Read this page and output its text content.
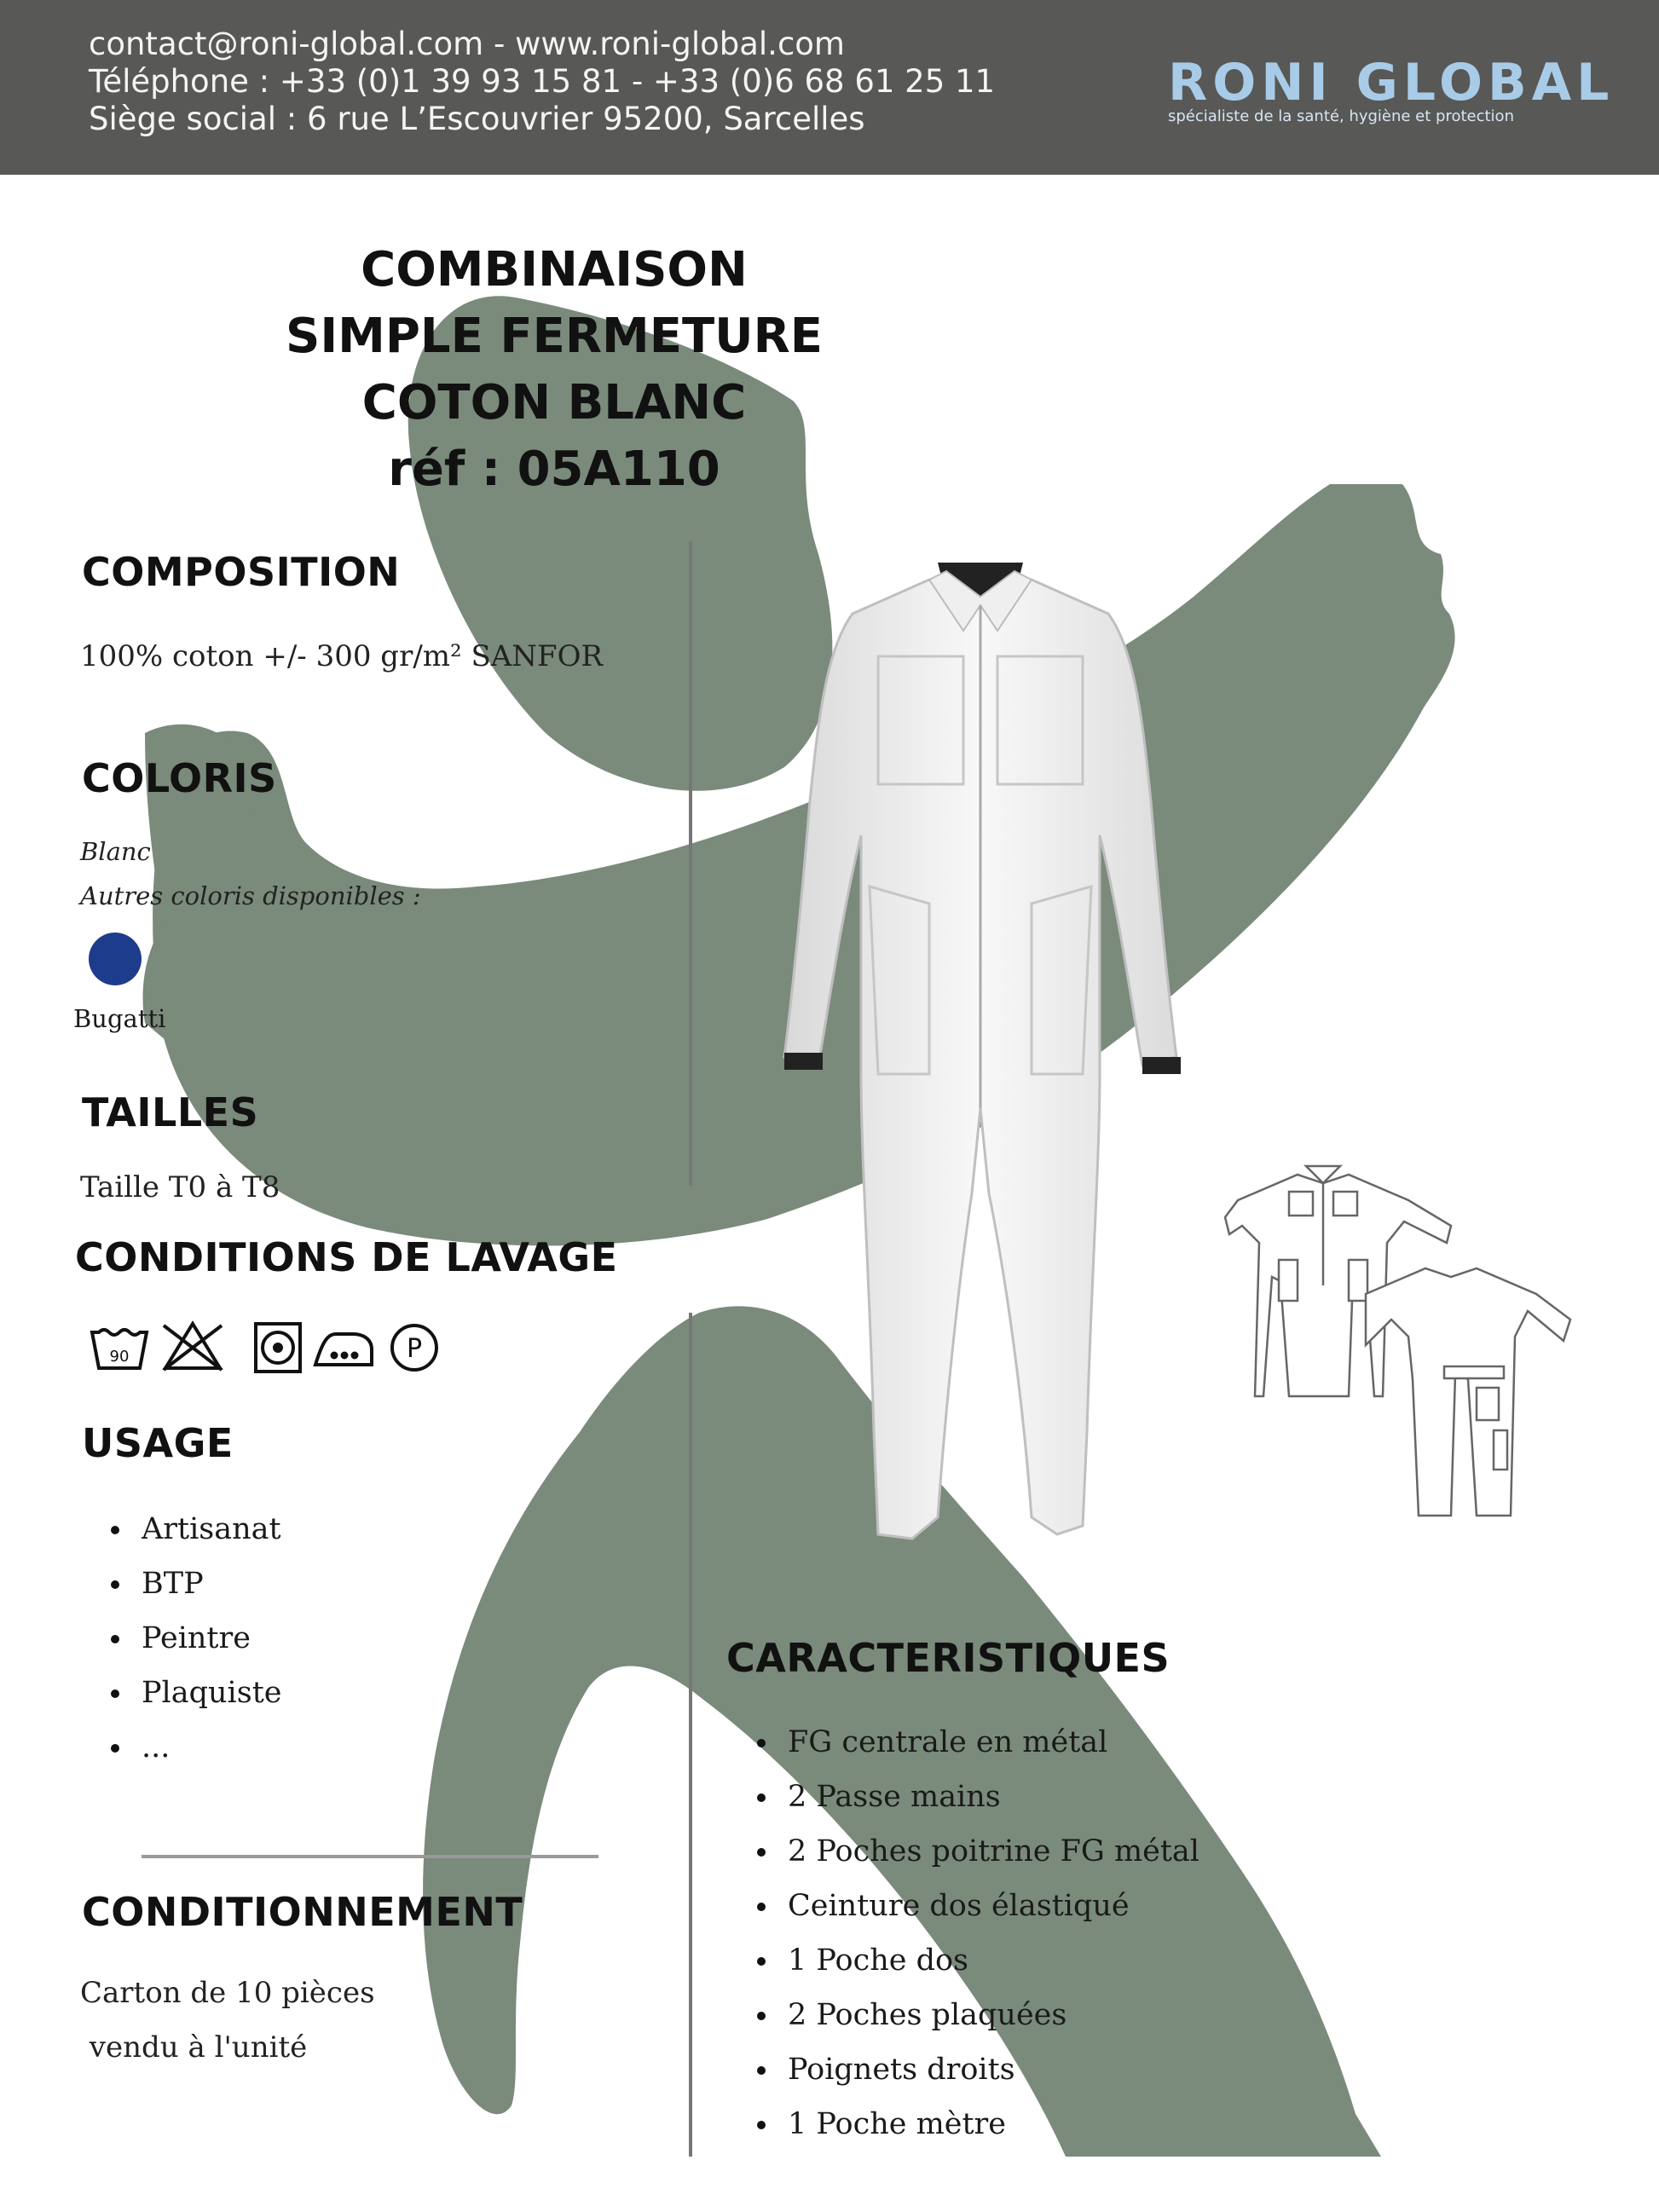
contact@roni-global.com - www.roni-global.com
Téléphone : +33 (0)1 39 93 15 81 - +33 (0)6 68 61 25 11
Siège social : 6 rue L’Escouvrier 95200, Sarcelles
RONI GLOBAL
spécialiste de la santé, hygiène et protection
COMBINAISON
SIMPLE FERMETURE
COTON BLANC
réf : 05A110
COMPOSITION
100% coton +/- 300 gr/m² SANFOR
COLORIS
Blanc
Autres coloris disponibles :
Bugatti
TAILLES
Taille T0 à T8
CONDITIONS DE LAVAGE
90	P
USAGE
Artisanat
BTP
Peintre
Plaquiste
...
CONDITIONNEMENT
Carton de 10 pièces
vendu à l'unité
CARACTERISTIQUES
FG centrale en métal
2 Passe mains
2 Poches poitrine FG métal
Ceinture dos élastiqué
1 Poche dos
2 Poches plaquées
Poignets droits
1 Poche mètre
